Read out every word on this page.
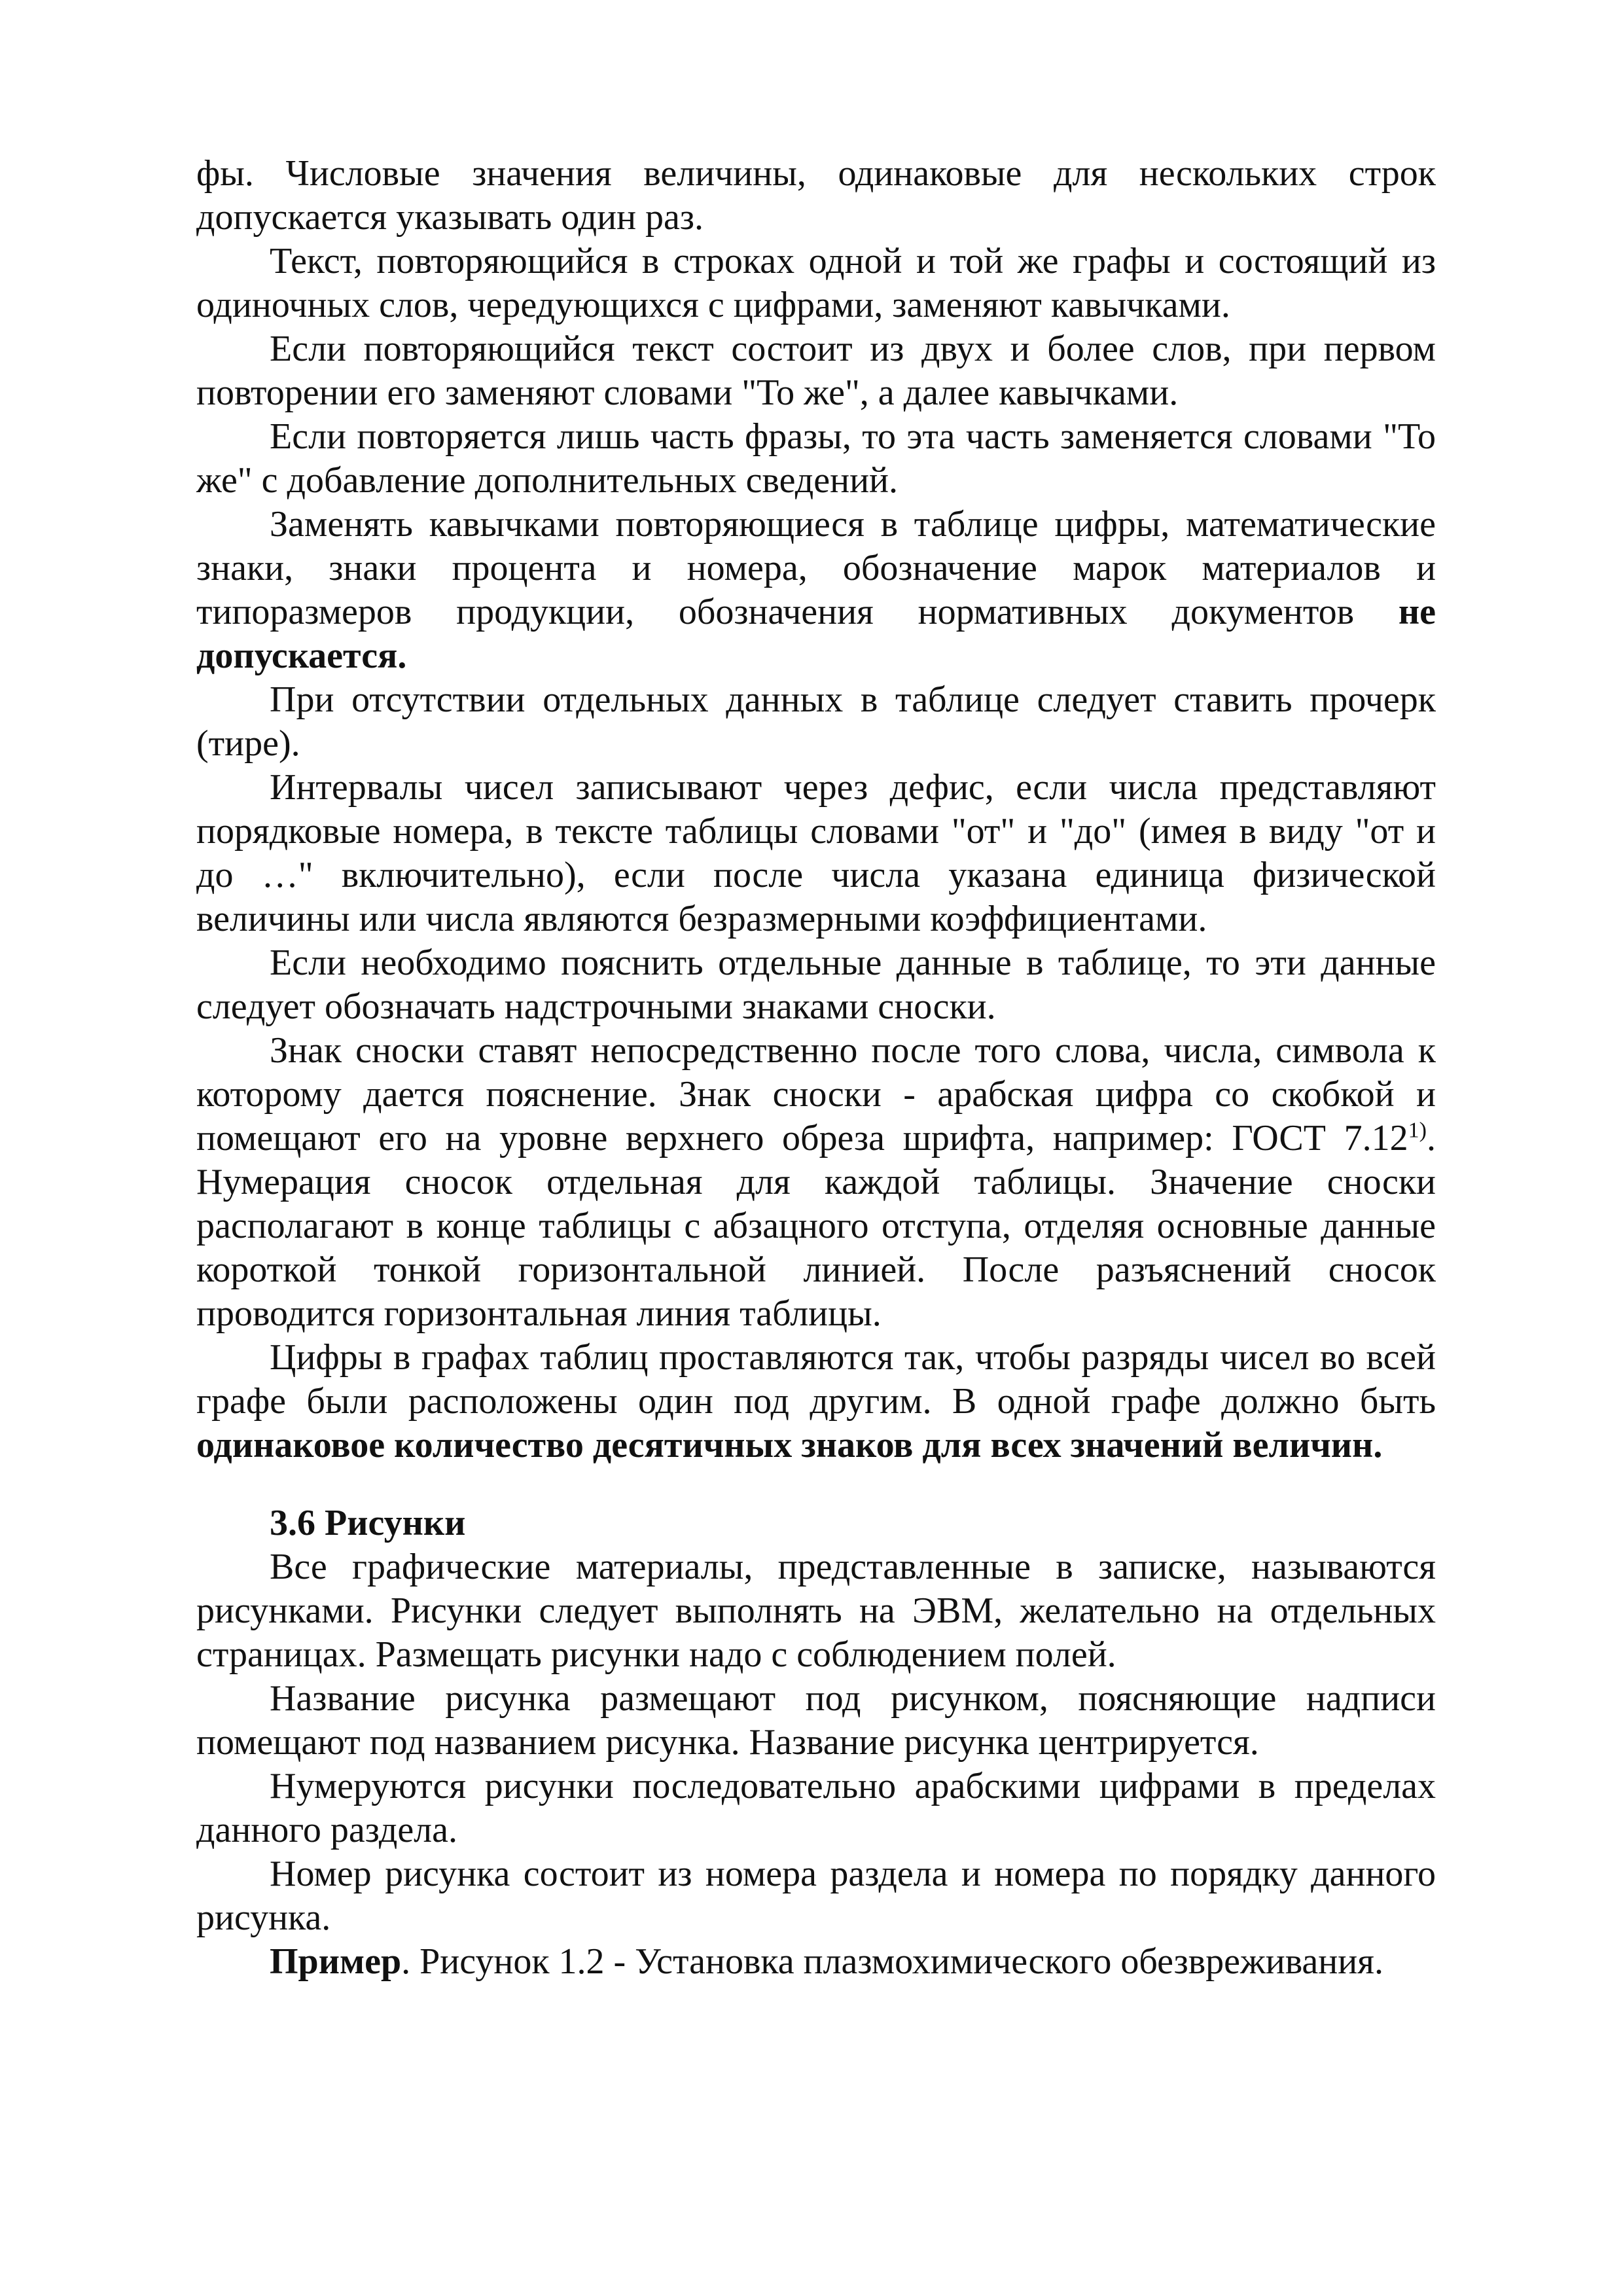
фы. Числовые значения величины, одинаковые для нескольких строк допускается указывать один раз.

Текст, повторяющийся в строках одной и той же графы и состоящий из одиночных слов, чередующихся с цифрами, заменяют кавычками.

Если повторяющийся текст состоит из двух и более слов, при первом повторении его заменяют словами "То же", а далее кавычками.

Если повторяется лишь часть фразы, то эта часть заменяется словами "То же" с добавление дополнительных сведений.

Заменять кавычками повторяющиеся в таблице цифры, математические знаки, знаки процента и номера, обозначение марок материалов и типоразмеров продукции, обозначения нормативных документов не допускается.

При отсутствии отдельных данных в таблице следует ставить прочерк (тире).

Интервалы чисел записывают через дефис, если числа представляют порядковые номера, в тексте таблицы словами "от" и "до" (имея в виду "от и до …" включительно), если после числа указана единица физической величины или числа являются безразмерными коэффициентами.

Если необходимо пояснить отдельные данные в таблице, то эти данные следует обозначать надстрочными знаками сноски.

Знак сноски ставят непосредственно после того слова, числа, символа к которому дается пояснение. Знак сноски - арабская цифра со скобкой и помещают его на уровне верхнего обреза шрифта, например: ГОСТ 7.12$^{1)}$. Нумерация сносок отдельная для каждой таблицы. Значение сноски располагают в конце таблицы с абзацного отступа, отделяя основные данные короткой тонкой горизонтальной линией. После разъяснений сносок проводится горизонтальная линия таблицы.

Цифры в графах таблиц проставляются так, чтобы разряды чисел во всей графе были расположены один под другим. В одной графе должно быть одинаковое количество десятичных знаков для всех значений величин.

3.6 Рисунки

Все графические материалы, представленные в записке, называются рисунками. Рисунки следует выполнять на ЭВМ, желательно на отдельных страницах. Размещать рисунки надо с соблюдением полей.

Название рисунка размещают под рисунком, поясняющие надписи помещают под названием рисунка. Название рисунка центрируется.

Нумеруются рисунки последовательно арабскими цифрами в пределах данного раздела.

Номер рисунка состоит из номера раздела и номера по порядку данного рисунка.

Пример. Рисунок 1.2 - Установка плазмохимического обезвреживания.
